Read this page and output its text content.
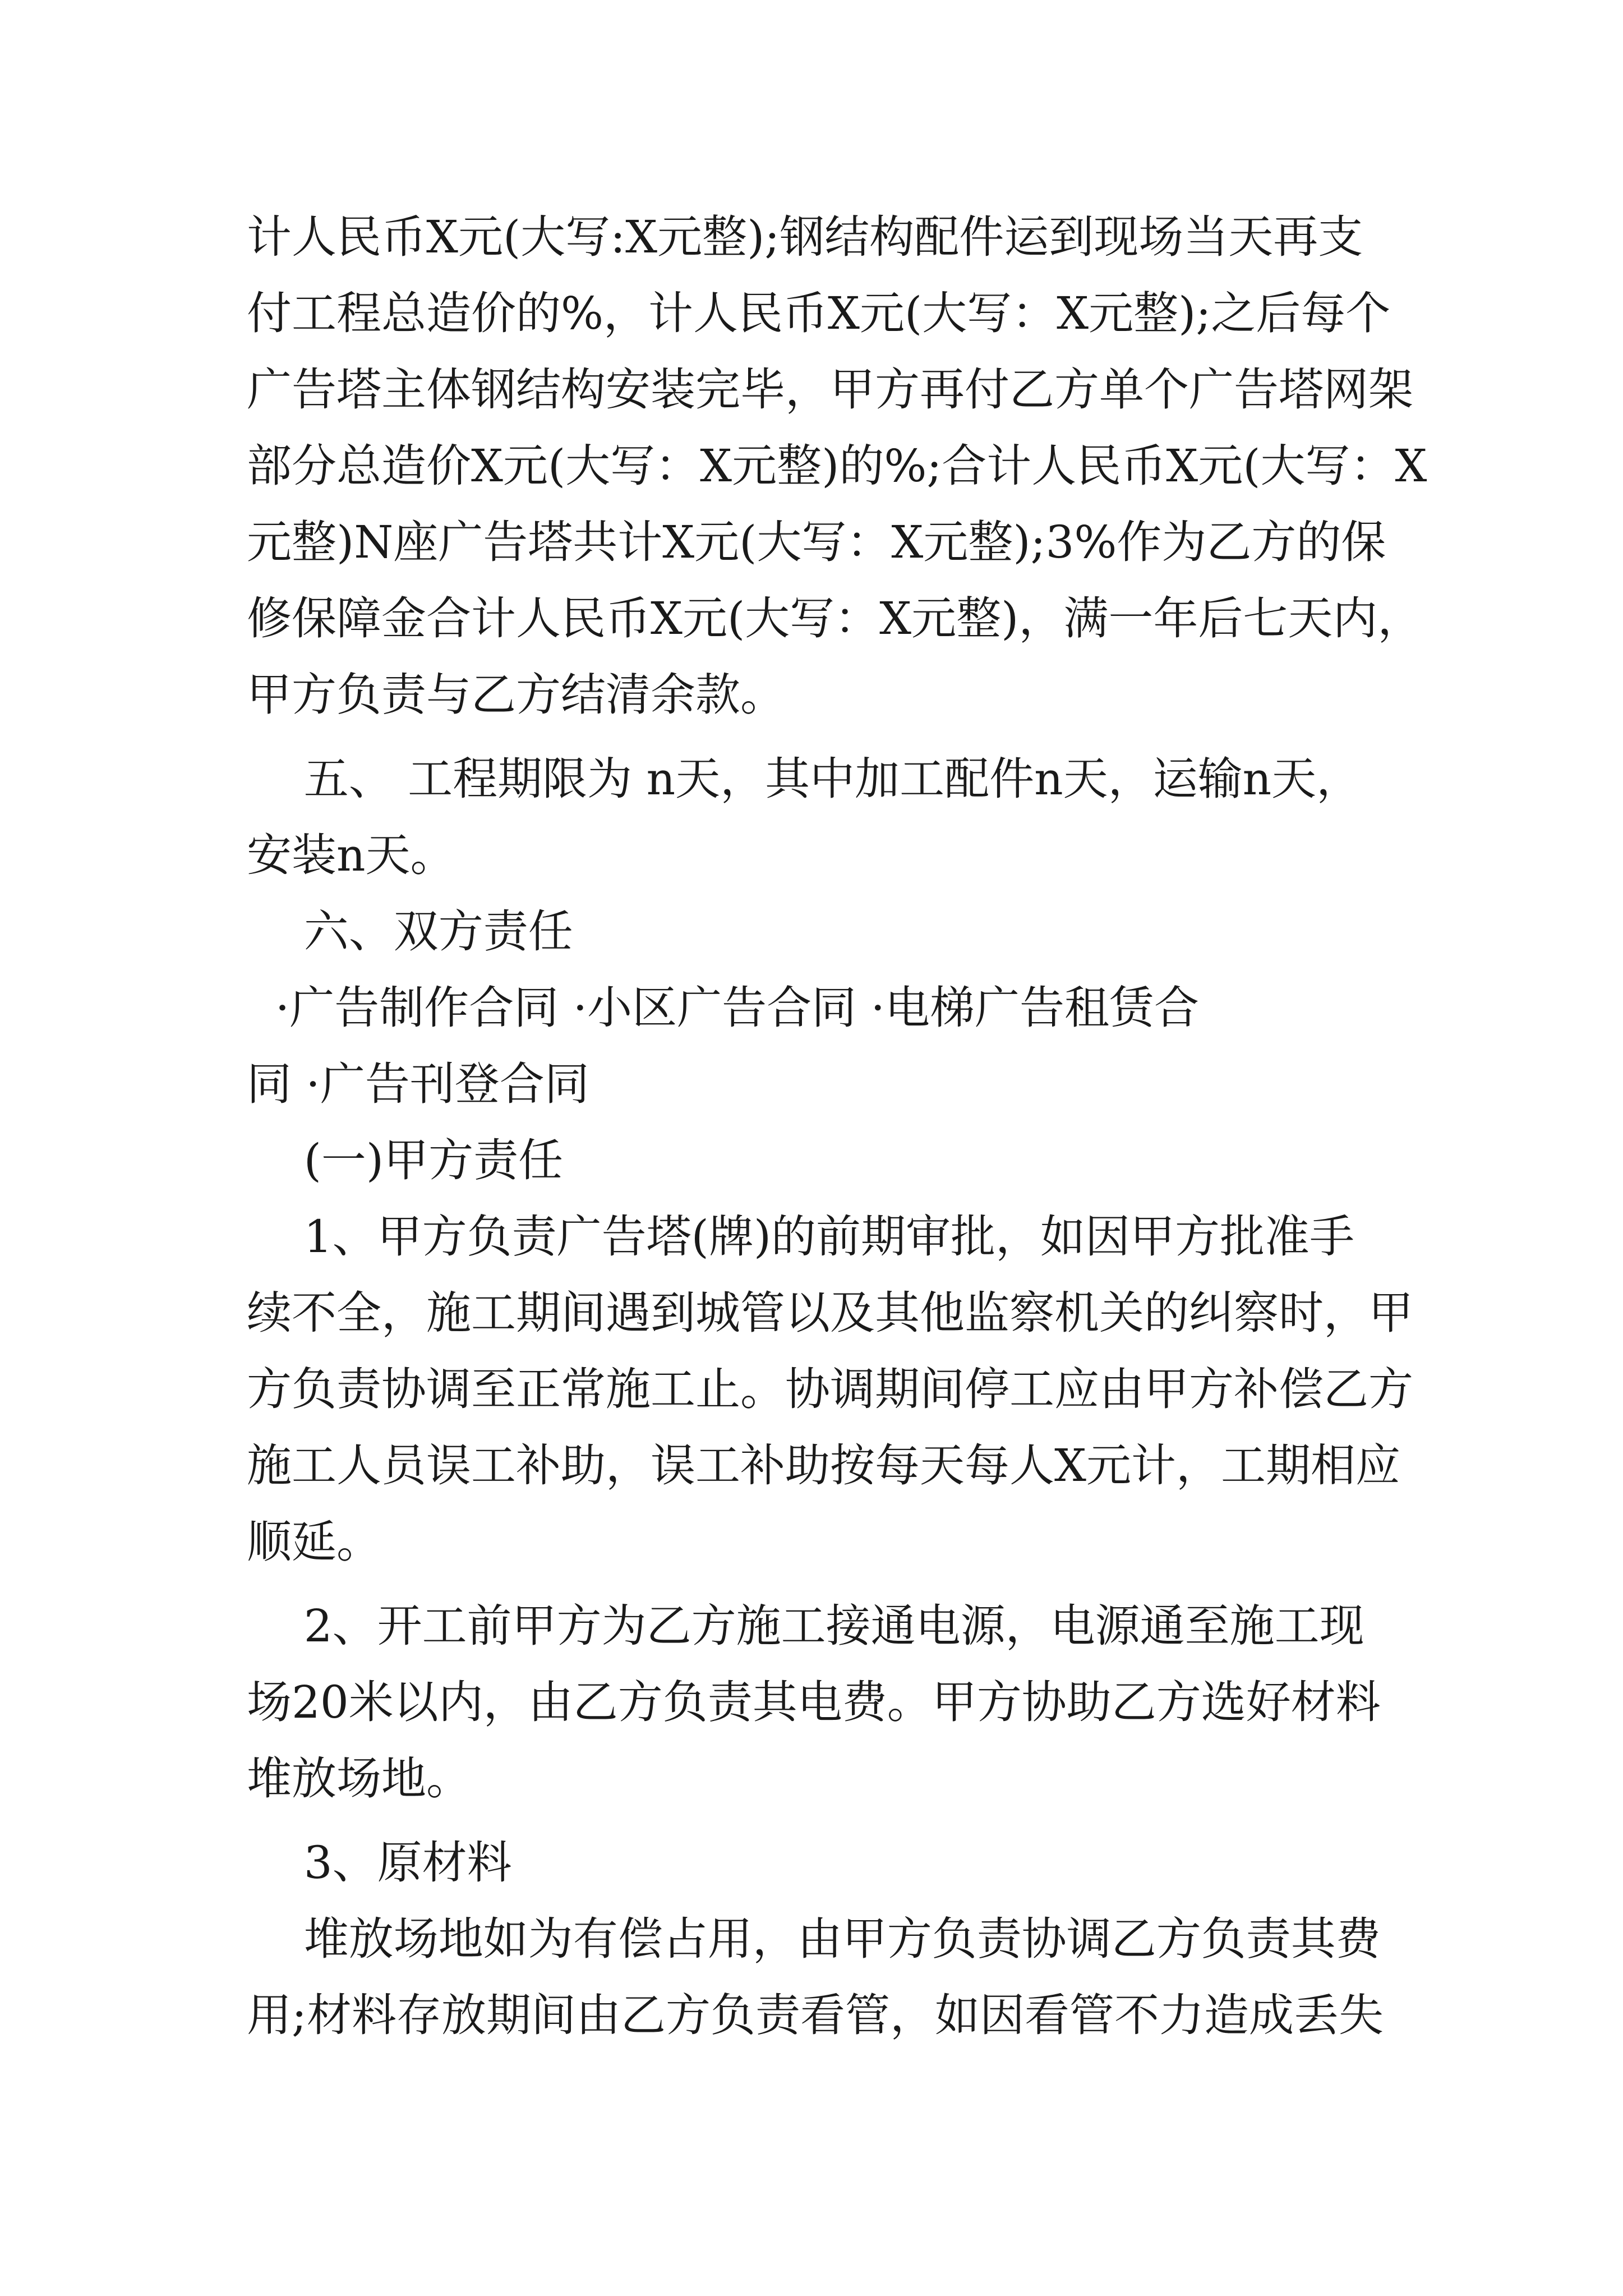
计人民币X元(大写:X元整);钢结构配件运到现场当天再支
付工程总造价的%，计人民币X元(大写：X元整);之后每个
广告塔主体钢结构安装完毕，甲方再付乙方单个广告塔网架
部分总造价X元(大写：X元整)的%;合计人民币X元(大写：X
元整)N座广告塔共计X元(大写：X元整);3%作为乙方的保
修保障金合计人民币X元(大写：X元整)，满一年后七天内，
甲方负责与乙方结清余款。
五、 工程期限为 n天，其中加工配件n天，运输n天，
安装n天。
六、双方责任
·广告制作合同 ·小区广告合同 ·电梯广告租赁合
同 ·广告刊登合同
(一)甲方责任
1、甲方负责广告塔(牌)的前期审批，如因甲方批准手
续不全，施工期间遇到城管以及其他监察机关的纠察时，甲
方负责协调至正常施工止。协调期间停工应由甲方补偿乙方
施工人员误工补助，误工补助按每天每人X元计，工期相应
顺延。
2、开工前甲方为乙方施工接通电源，电源通至施工现
场20米以内，由乙方负责其电费。甲方协助乙方选好材料
堆放场地。
3、原材料
堆放场地如为有偿占用，由甲方负责协调乙方负责其费
用;材料存放期间由乙方负责看管，如因看管不力造成丢失
